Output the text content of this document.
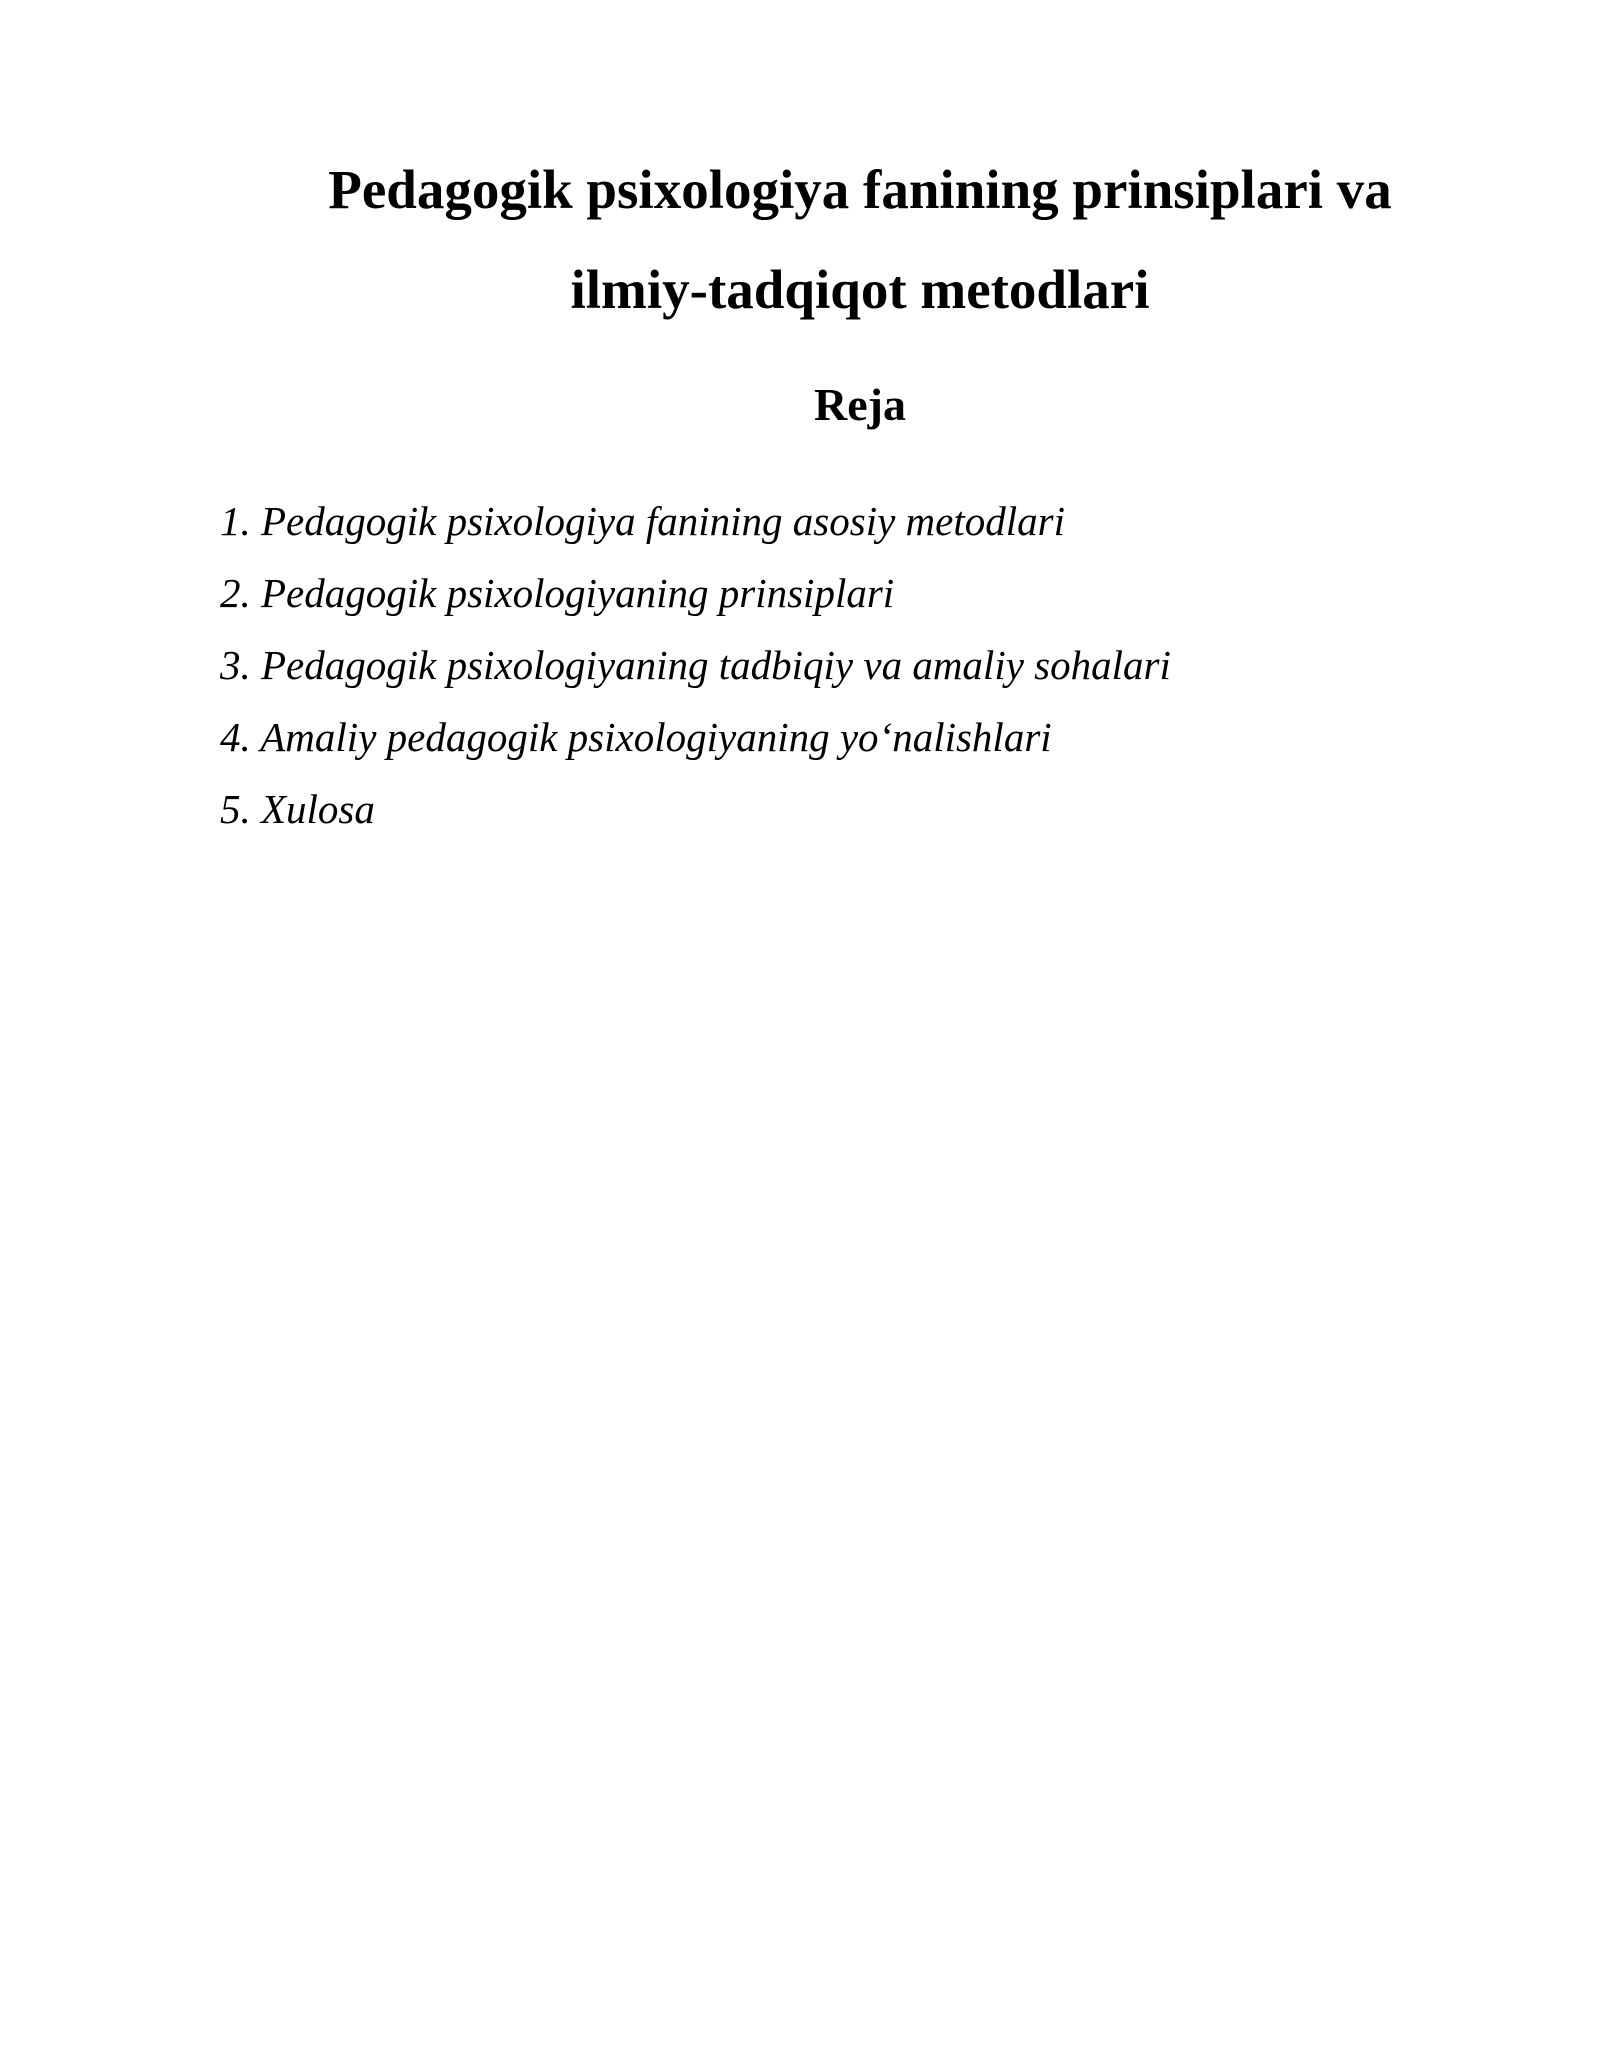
Pedagogik psixologiya fanining prinsiplari va
ilmiy-tadqiqot metodlari
Reja
1. Pedagogik psixologiya fanining asosiy metodlari
2. Pedagogik psixologiyaning prinsiplari
3. Pedagogik psixologiyaning tadbiqiy va amaliy sohalari
4. Amaliy pedagogik psixologiyaning yo‘nalishlari
5. Xulosa
